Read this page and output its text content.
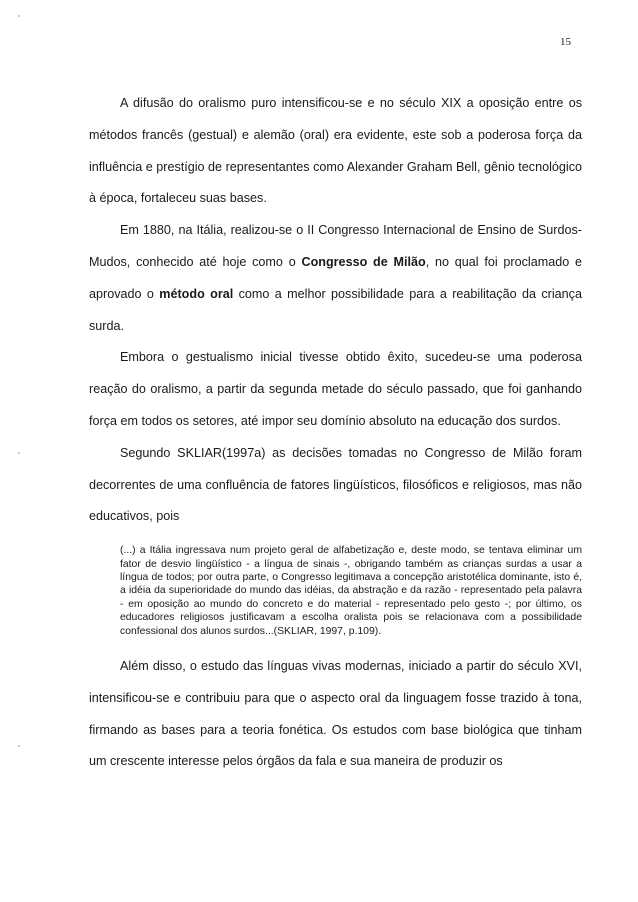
15

A difusão do oralismo puro intensificou-se e no século XIX a oposição entre os métodos francês (gestual) e alemão (oral) era evidente, este sob a poderosa força da influência e prestígio de representantes como Alexander Graham Bell, gênio tecnológico à época, fortaleceu suas bases.

Em 1880, na Itália, realizou-se o II Congresso Internacional de Ensino de Surdos-Mudos, conhecido até hoje como o Congresso de Milão, no qual foi proclamado e aprovado o método oral como a melhor possibilidade para a reabilitação da criança surda.

Embora o gestualismo inicial tivesse obtido êxito, sucedeu-se uma poderosa reação do oralismo, a partir da segunda metade do século passado, que foi ganhando força em todos os setores, até impor seu domínio absoluto na educação dos surdos.

Segundo SKLIAR(1997a) as decisões tomadas no Congresso de Milão foram decorrentes de uma confluência de fatores lingüísticos, filosóficos e religiosos, mas não educativos, pois

(...) a Itália ingressava num projeto geral de alfabetização e, deste modo, se tentava eliminar um fator de desvio lingüístico - a língua de sinais -, obrigando também as crianças surdas a usar a língua de todos; por outra parte, o Congresso legitimava a concepção aristotélica dominante, isto é, a idéia da superioridade do mundo das idéias, da abstração e da razão - representado pela palavra - em oposição ao mundo do concreto e do material - representado pelo gesto -; por último, os educadores religiosos justificavam a escolha oralista pois se relacionava com a possibilidade confessional dos alunos surdos...(SKLIAR, 1997, p.109).

Além disso, o estudo das línguas vivas modernas, iniciado a partir do século XVI, intensificou-se e contribuiu para que o aspecto oral da linguagem fosse trazido à tona, firmando as bases para a teoria fonética. Os estudos com base biológica que tinham um crescente interesse pelos órgãos da fala e sua maneira de produzir os
